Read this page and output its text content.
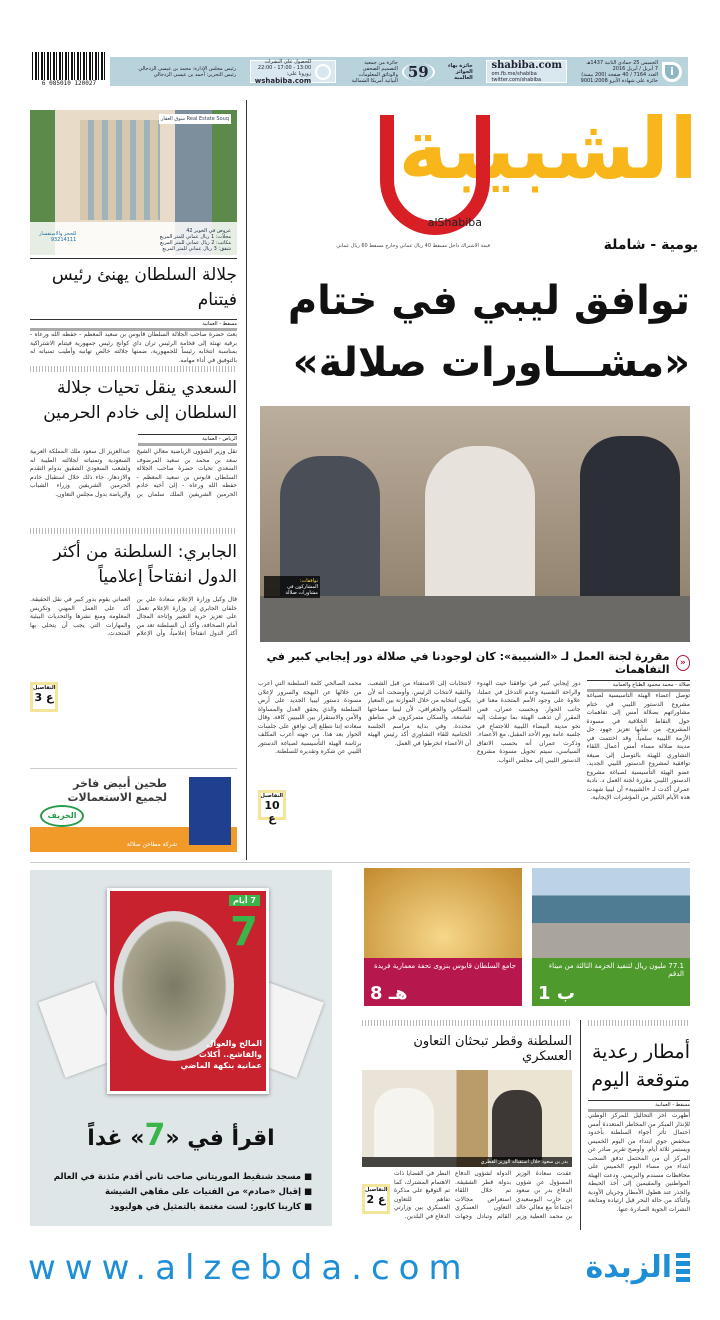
6 085010 120027
i
الخميس 25 جمادى الثانية 1437هـ
7 أبريل / أبريل 2016
العدد 7164 / 40 صفحة (200 بيسة)
حائزة على شهادة الأيزو 9001:2008
shabiba.com
om.fb.me/shabiba
twitter.com/shabiba
جائزة بهاء الجوائز العالمية
59
جائزة من جمعية التصميم الصحفي والوثائق المعلومات البيانية أمريكا الشمالية
للحصول على النشرات
13:00 - 17:00 - 22:00
زورونا على:
wshabiba.com
رئيس مجلس الإدارة: محمد بن عيسى الزدجالي
رئيس التحرير: أحمد بن عيسى الزدجالي
الشبيبة
alShabiba
يومية - شاملة
قيمة الاشتراك داخل مسقط 40 ريال عماني وخارج مسقط 60 ريال عماني
سوق العقار Real Estate Souq
عروض في الخوير 42
محلات: 1 ريال عماني للمتر المربع
مكاتب: 2 ريال عماني للمتر المربع
شقق: 3 ريال عماني للمتر المربع
للحجز والاستفسار
93214111
جلالة السلطان يهنئ رئيس فيتنام
مسقط - العمانية
بعث حضرة صاحب الجلالة السلطان قابوس بن سعيد المعظم - حفظه الله ورعاه - برقية تهنئة إلى فخامة الرئيس تران داي كوانج رئيس جمهورية فيتنام الاشتراكية بمناسبة انتخابه رئيساً للجمهورية، ضمنها جلالته خالص تهانيه وأطيب تمنياته له بالتوفيق في أداء مهامه.
السعدي ينقل تحيات جلالة السلطان إلى خادم الحرمين
الرياض - العمانية
نقل وزير الشؤون الرياضية معالي الشيخ سعد بن محمد بن سعيد المرضوف السعدي تحيات حضرة صاحب الجلالة السلطان قابوس بن سعيد المعظم - حفظه الله ورعاه - إلى أخيه خادم الحرمين الشريفين الملك سلمان بن عبدالعزيز آل سعود ملك المملكة العربية السعودية وتمنياته لجلالته الطيبة له ولشعب السعودي الشقيق بدوام التقدم والازدهار. جاء ذلك خلال استقبال خادم الحرمين الشريفين وزراء الشباب والرياضة بدول مجلس التعاون.
الجابري: السلطنة من أكثر الدول انفتاحاً إعلامياً
قال وكيل وزارة الإعلام سعادة علي بن خلفان الجابري إن وزارة الإعلام تعمل على تعزيز حرية التعبير وإتاحة المجال أمام الصحافة، وأكد أن السلطنة تعد من أكثر الدول انفتاحاً إعلامياً، وأن الإعلام العماني يقوم بدور كبير في نقل الحقيقة. أكد على العمل المهني وتكريس المعلومة ومنع نشرها والتحديات البيئية والمهارات التي يجب أن يتحلى بها المتحدث.
التفاصيل
3 ع
طحين أبيض فاخر
لجميع الاستعمالات
الخريف
شركة مطاحن صلالة
توافق ليبي في ختام
«مشـــاورات صلالة»
توافقات:
المشاركون في مشاورات صلالة
«
مقررة لجنة العمل لـ «الشبيبة»: كان لوجودنا في صلالة دور إيجابي كبير في التفاهمات
صلالة - محمد محمود الطباخ والعمانية
توصل أعضاء الهيئة التأسيسية لصياغة مشروع الدستور الليبي في ختام مشاوراتهم بصلالة أمس إلى تفاهمات حول النقاط الخلافية في مسودة المشروع، من شأنها تعزيز جهود حل الأزمة الليبية سلمياً. وقد اختتمت في مدينة صلالة مساء أمس أعمال اللقاء التشاوري للهيئة بالتوصل إلى صيغة توافقية لمشروع الدستور الليبي الجديد. عضو الهيئة التأسيسية لصياغة مشروع الدستور الليبي مقررة لجنة العمل د. نادية عمران أكدت لـ «الشبيبة» أن ليبيا شهدت هذه الأيام الكثير من المؤشرات الإيجابية.
دور إيجابي كبير في توافقنا حيث الهدوء والراحة النفسية وعدم التدخل في عملنا، علاوة على وجود الأمم المتحدة معنا في جانب الحوار. وبحسب عمران، فمن المقرر أن تذهب الهيئة بما توصلت إليه نحو مدينة البيضاء الليبية للاجتماع في جلسة عامة يوم الأحد المقبل، مع الأعضاء. وذكرت عمران أنه بحسب الاتفاق السياسي، سيتم تحويل مسودة مشروع الدستور الليبي إلى مجلس النواب.
لانتخابات إلى الاستفتاء من قبل الشعب. والنقية لانتخاب الرئيس. وأوضحت أنه لأن يكون انتخابه من خلال الموازنة بين المعيار السكاني والجغرافي، لأن ليبيا مساحتها شاسعة، والسكان متمركزون في مناطق محددة. وفي بداية مراسم الجلسة الختامية للقاء التشاوري أكد رئيس الهيئة أن الأعضاء انخرطوا في العمل.
محمد الصالحي كلمة السلطنة التي أعرب من خلالها عن البهجة والسرور لإعلان مسودة دستور ليبيا الجديد على أرض السلطنة والذي يحقق العدل والمساواة والأمن والاستقرار بين الليبيين كافة. وقال سعادته إننا نتطلع إلى توافق على جلسات الحوار بعد هذا. من جهته أعرب المكلف برئاسة الهيئة التأسيسية لصياغة الدستور الليبي عن شكره وتقديره للسلطنة.
التفاصيل
10 ع
7 أيام
7
المالح والعوال
والقاشع.. أكلات
عمانية بنكهة الماضي
اقرأ في «7» غداً
■ مسجد شنقيط الموريتاني صاحب ثاني أقدم مئذنة في العالم
■ إقبال «صادم» من الفتيات على مقاهي الشيشة
■ كارينا كابور: لست مغتمة بالتمثيل في هوليوود
77.1 مليون ريال لتنفيذ الحزمة الثالثة من ميناء الدقم
ب 1
جامع السلطان قابوس بنزوى تحفة معمارية فريدة
هـ 8
السلطنة وقطر تبحثان التعاون العسكري
بدر بن سعود خلال استقباله الوزير القطري
عقدت سعادة الوزير المسؤول عن شؤون الدفاع بدر بن سعود بن حارب البوسعيدي اجتماعاً مع معالي خالد بن محمد العطية وزير الدولة لشؤون الدفاع بدولة قطر الشقيقة. تم خلال اللقاء استعراض مجالات التعاون العسكري القائم وتبادل وجهات النظر في القضايا ذات الاهتمام المشترك، كما تم التوقيع على مذكرة تفاهم للتعاون العسكري بين وزارتي الدفاع في البلدين.
التفاصيل
2 ع
أمطار رعدية
متوقعة اليوم
مسقط - العمانية
أظهرت آخر التحاليل للمركز الوطني للإنذار المبكر من المخاطر المتعددة أمس احتمال تأثر أجواء السلطنة بأخدود منخفض جوي ابتداء من اليوم الخميس ويستمر ثلاثة أيام. وأوضح تقرير صادر عن المركز أن من المحتمل تدفق السحب ابتداء من مساء اليوم الخميس على محافظات مسندم والبريمي. ودعت الهيئة المواطنين والمقيمين إلى أخذ الحيطة والحذر عند هطول الأمطار وجريان الأودية والتأكد من حالة البحر قبل ارتياده ومتابعة النشرات الجوية الصادرة عنها.
www.alzebda.com	الزبدة
